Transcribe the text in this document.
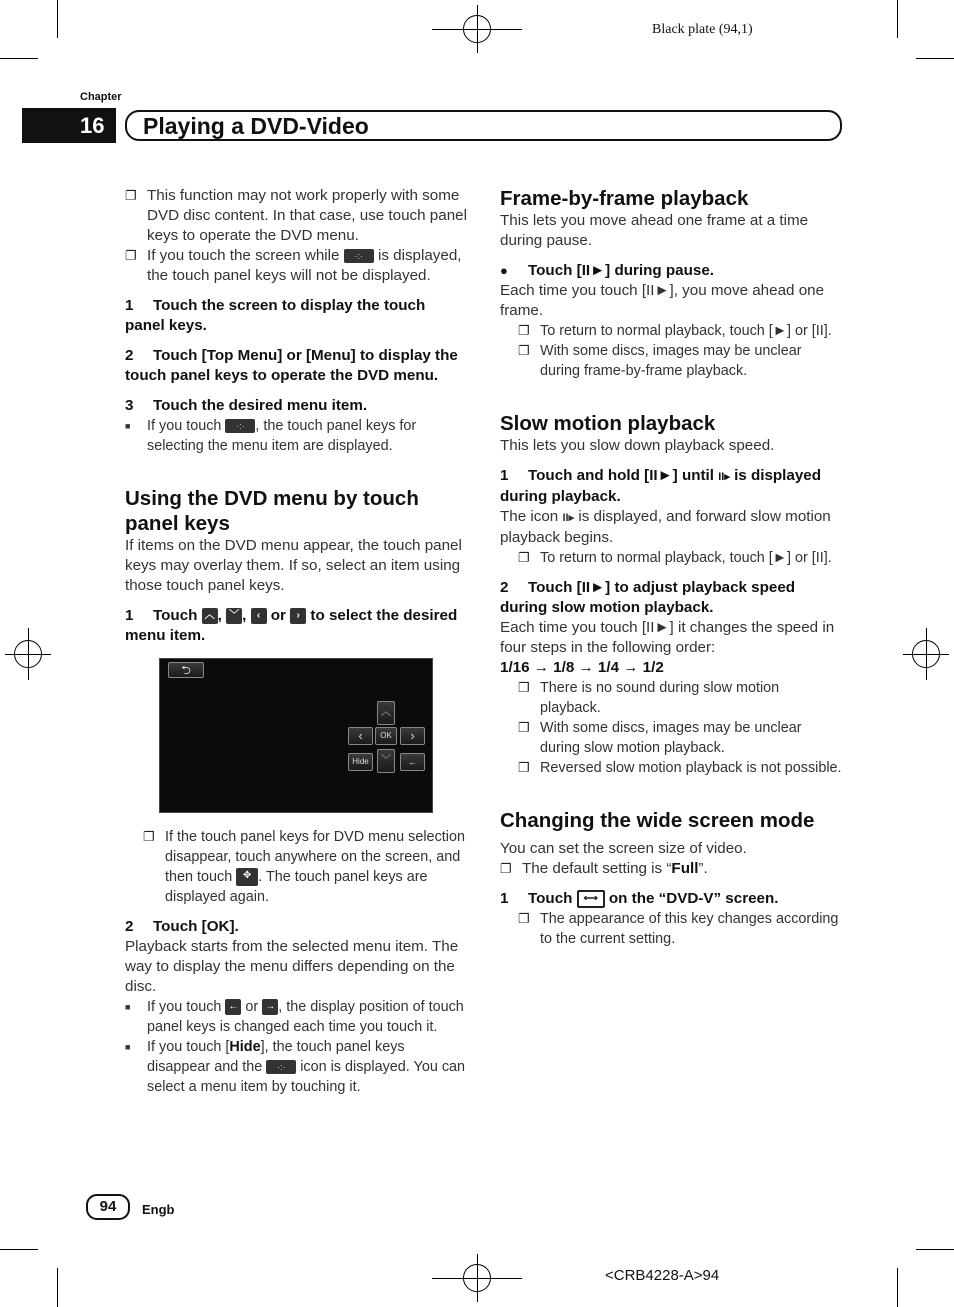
Black plate (94,1)
Chapter
16	Playing a DVD-Video

❐ This function may not work properly with some DVD disc content. In that case, use touch panel keys to operate the DVD menu.

❐ If you touch the screen while ·:· is displayed, the touch panel keys will not be displayed.

1 Touch the screen to display the touch panel keys.

2 Touch [Top Menu] or [Menu] to display the touch panel keys to operate the DVD menu.

3 Touch the desired menu item.

■ If you touch ·:· , the touch panel keys for selecting the menu item are displayed.

Using the DVD menu by touch panel keys

If items on the DVD menu appear, the touch panel keys may overlay them. If so, select an item using those touch panel keys.

1 Touch ︿ , ﹀ , ‹ or › to select the desired menu item.

⮌
︿
‹	OK	›
Hide	﹀	←

❐ If the touch panel keys for DVD menu selection disappear, touch anywhere on the screen, and then touch ✥ . The touch panel keys are displayed again.

2 Touch [OK].

Playback starts from the selected menu item. The way to display the menu differs depending on the disc.

■ If you touch ← or → , the display position of touch panel keys is changed each time you touch it.

■ If you touch [Hide], the touch panel keys disappear and the ·:· icon is displayed. You can select a menu item by touching it.

Frame-by-frame playback

This lets you move ahead one frame at a time during pause.

● Touch [II►] during pause.

Each time you touch [II►], you move ahead one frame.

❐ To return to normal playback, touch [►] or [II].

❐ With some discs, images may be unclear during frame-by-frame playback.

Slow motion playback

This lets you slow down playback speed.

1 Touch and hold [II►] until II▸ is displayed during playback.

The icon II▸ is displayed, and forward slow motion playback begins.

❐ To return to normal playback, touch [►] or [II].

2 Touch [II►] to adjust playback speed during slow motion playback.

Each time you touch [II►] it changes the speed in four steps in the following order:

1/16 → 1/8 → 1/4 → 1/2

❐ There is no sound during slow motion playback.

❐ With some discs, images may be unclear during slow motion playback.

❐ Reversed slow motion playback is not possible.

Changing the wide screen mode

You can set the screen size of video.

❐ The default setting is “Full”.

1 Touch ⟷ on the “DVD-V” screen.

❐ The appearance of this key changes according to the current setting.

94	Engb
<CRB4228-A>94
